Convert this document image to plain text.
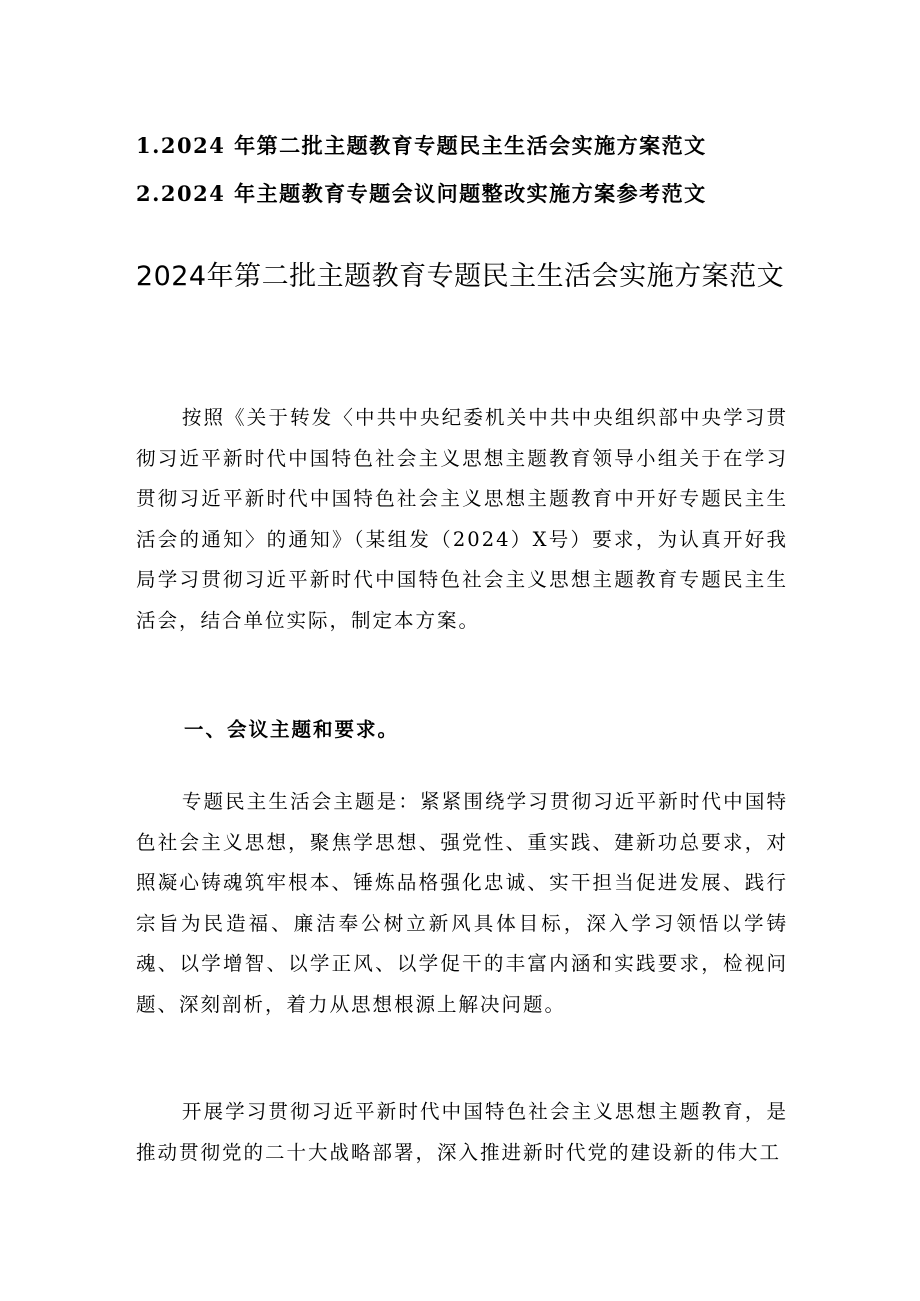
1.2024 年第二批主题教育专题民主生活会实施方案范文
2.2024 年主题教育专题会议问题整改实施方案参考范文
2024年第二批主题教育专题民主生活会实施方案范文
按照《关于转发〈中共中央纪委机关中共中央组织部中央学习贯彻习近平新时代中国特色社会主义思想主题教育领导小组关于在学习贯彻习近平新时代中国特色社会主义思想主题教育中开好专题民主生活会的通知〉的通知》（某组发（2024）X号）要求，为认真开好我局学习贯彻习近平新时代中国特色社会主义思想主题教育专题民主生活会，结合单位实际，制定本方案。
一、会议主题和要求。
专题民主生活会主题是：紧紧围绕学习贯彻习近平新时代中国特色社会主义思想，聚焦学思想、强党性、重实践、建新功总要求，对照凝心铸魂筑牢根本、锤炼品格强化忠诚、实干担当促进发展、践行宗旨为民造福、廉洁奉公树立新风具体目标，深入学习领悟以学铸魂、以学增智、以学正风、以学促干的丰富内涵和实践要求，检视问题、深刻剖析，着力从思想根源上解决问题。
开展学习贯彻习近平新时代中国特色社会主义思想主题教育，是推动贯彻党的二十大战略部署，深入推进新时代党的建设新的伟大工
